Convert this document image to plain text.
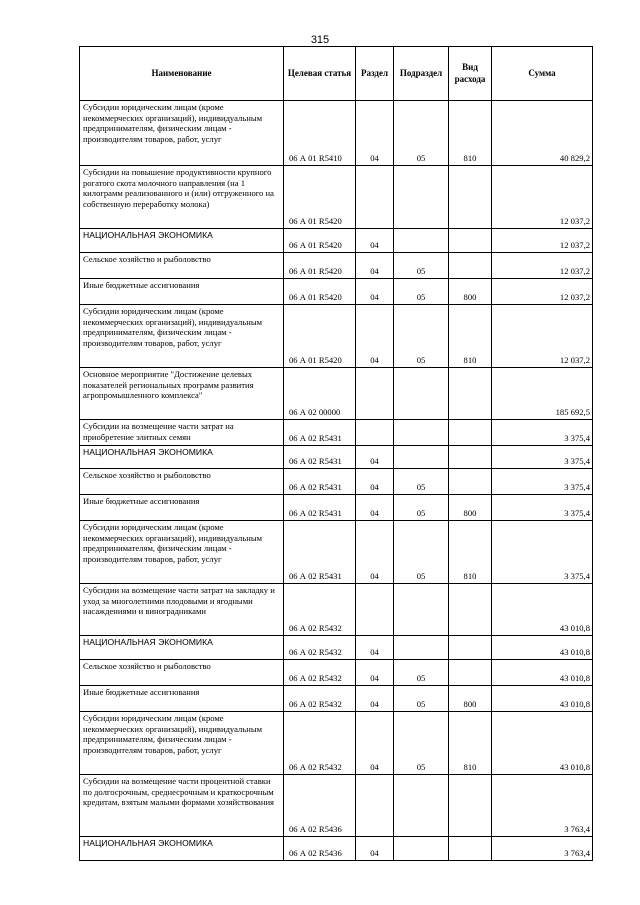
315
Наименование	Целевая статья	Раздел	Подраздел	Вид расхода	Сумма

Субсидии юридическим лицам (кроме некоммерческих организаций), индивидуальным предпринимателям, физическим лицам - производителям товаров, работ, услуг	06 А 01 R5410	04	05	810	40 829,2

Субсидии на повышение продуктивности крупного рогатого скота молочного направления (на 1 килограмм реализованного и (или) отгруженного на собственную переработку молока)	06 А 01 R5420				12 037,2

НАЦИОНАЛЬНАЯ ЭКОНОМИКА	06 А 01 R5420	04			12 037,2

Сельское хозяйство и рыболовство	06 А 01 R5420	04	05		12 037,2

Иные бюджетные ассигнования	06 А 01 R5420	04	05	800	12 037,2

Субсидии юридическим лицам (кроме некоммерческих организаций), индивидуальным предпринимателям, физическим лицам - производителям товаров, работ, услуг	06 А 01 R5420	04	05	810	12 037,2

Основное мероприятие "Достижение целевых показателей региональных программ развития агропромышленного комплекса"	06 А 02 00000				185 692,5

Субсидии на возмещение части затрат на приобретение элитных семян	06 А 02 R5431				3 375,4

НАЦИОНАЛЬНАЯ ЭКОНОМИКА	06 А 02 R5431	04			3 375,4

Сельское хозяйство и рыболовство	06 А 02 R5431	04	05		3 375,4

Иные бюджетные ассигнования	06 А 02 R5431	04	05	800	3 375,4

Субсидии юридическим лицам (кроме некоммерческих организаций), индивидуальным предпринимателям, физическим лицам - производителям товаров, работ, услуг	06 А 02 R5431	04	05	810	3 375,4

Субсидии на возмещение части затрат на закладку и уход за многолетними плодовыми и ягодными насаждениями и виноградниками	06 А 02 R5432				43 010,8

НАЦИОНАЛЬНАЯ ЭКОНОМИКА	06 А 02 R5432	04			43 010,8

Сельское хозяйство и рыболовство	06 А 02 R5432	04	05		43 010,8

Иные бюджетные ассигнования	06 А 02 R5432	04	05	800	43 010,8

Субсидии юридическим лицам (кроме некоммерческих организаций), индивидуальным предпринимателям, физическим лицам - производителям товаров, работ, услуг	06 А 02 R5432	04	05	810	43 010,8

Субсидии на возмещение части процентной ставки по долгосрочным, среднесрочным и краткосрочным кредитам, взятым малыми формами хозяйствования	06 А 02 R5436				3 763,4

НАЦИОНАЛЬНАЯ ЭКОНОМИКА	06 А 02 R5436	04			3 763,4
